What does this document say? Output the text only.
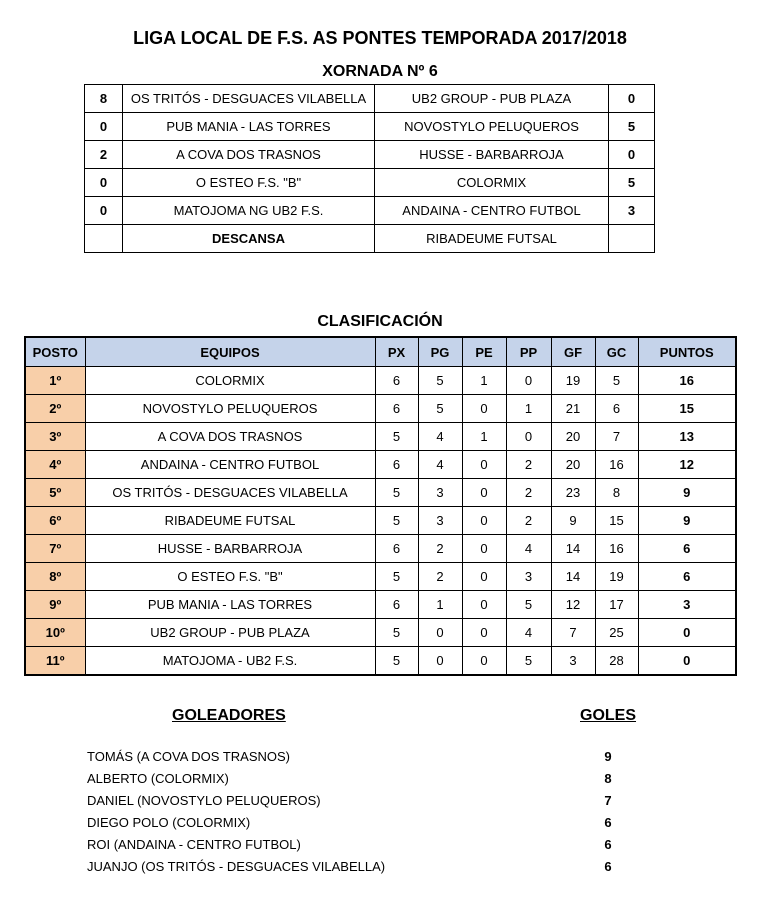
LIGA LOCAL DE F.S. AS PONTES TEMPORADA 2017/2018
XORNADA Nº 6
8	OS TRITÓS - DESGUACES VILABELLA	UB2 GROUP - PUB PLAZA	0
0	PUB MANIA - LAS TORRES	NOVOSTYLO PELUQUEROS	5
2	A COVA DOS TRASNOS	HUSSE - BARBARROJA	0
0	O ESTEO F.S. "B"	COLORMIX	5
0	MATOJOMA NG UB2 F.S.	ANDAINA - CENTRO FUTBOL	3
	DESCANSA	RIBADEUME FUTSAL	
CLASIFICACIÓN
POSTO	EQUIPOS	PX	PG	PE	PP	GF	GC	PUNTOS
1º	COLORMIX	6	5	1	0	19	5	16
2º	NOVOSTYLO PELUQUEROS	6	5	0	1	21	6	15
3º	A COVA DOS TRASNOS	5	4	1	0	20	7	13
4º	ANDAINA - CENTRO FUTBOL	6	4	0	2	20	16	12
5º	OS TRITÓS - DESGUACES VILABELLA	5	3	0	2	23	8	9
6º	RIBADEUME FUTSAL	5	3	0	2	9	15	9
7º	HUSSE - BARBARROJA	6	2	0	4	14	16	6
8º	O ESTEO F.S. "B"	5	2	0	3	14	19	6
9º	PUB MANIA - LAS TORRES	6	1	0	5	12	17	3
10º	UB2 GROUP - PUB PLAZA	5	0	0	4	7	25	0
11º	MATOJOMA - UB2 F.S.	5	0	0	5	3	28	0
GOLEADORES	GOLES
TOMÁS (A COVA DOS TRASNOS)	9
ALBERTO (COLORMIX)	8
DANIEL (NOVOSTYLO PELUQUEROS)	7
DIEGO POLO (COLORMIX)	6
ROI (ANDAINA - CENTRO FUTBOL)	6
JUANJO (OS TRITÓS - DESGUACES VILABELLA)	6
